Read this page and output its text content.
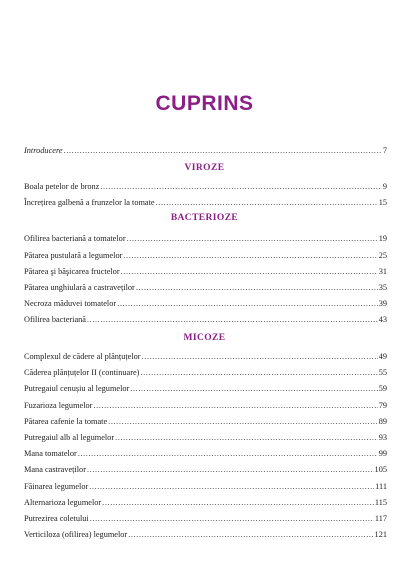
CUPRINS
Introducere .....	7
VIROZE
Boala petelor de bronz .....	9
Încrețirea galbenă a frunzelor la tomate .....	15
BACTERIOZE
Ofilirea bacteriană a tomatelor .....	19
Pătarea pustulară a legumelor .....	25
Pătarea şi băşicarea fructelor .....	31
Pătarea unghiulară a castraveților .....	35
Necroza măduvei tomatelor .....	39
Ofilirea bacteriană .....	43
MICOZE
Complexul de cădere al plănțuțelor .....	49
Căderea plănțuțelor II (continuare) .....	55
Putregaiul cenușiu al legumelor .....	59
Fuzarioza legumelor .....	79
Pătarea cafenie la tomate .....	89
Putregaiul alb al legumelor .....	93
Mana tomatelor .....	99
Mana castraveților .....	105
Făinarea legumelor .....	111
Alternarioza legumelor .....	115
Putrezirea coletului .....	117
Verticiloza (ofilirea) legumelor .....	121
